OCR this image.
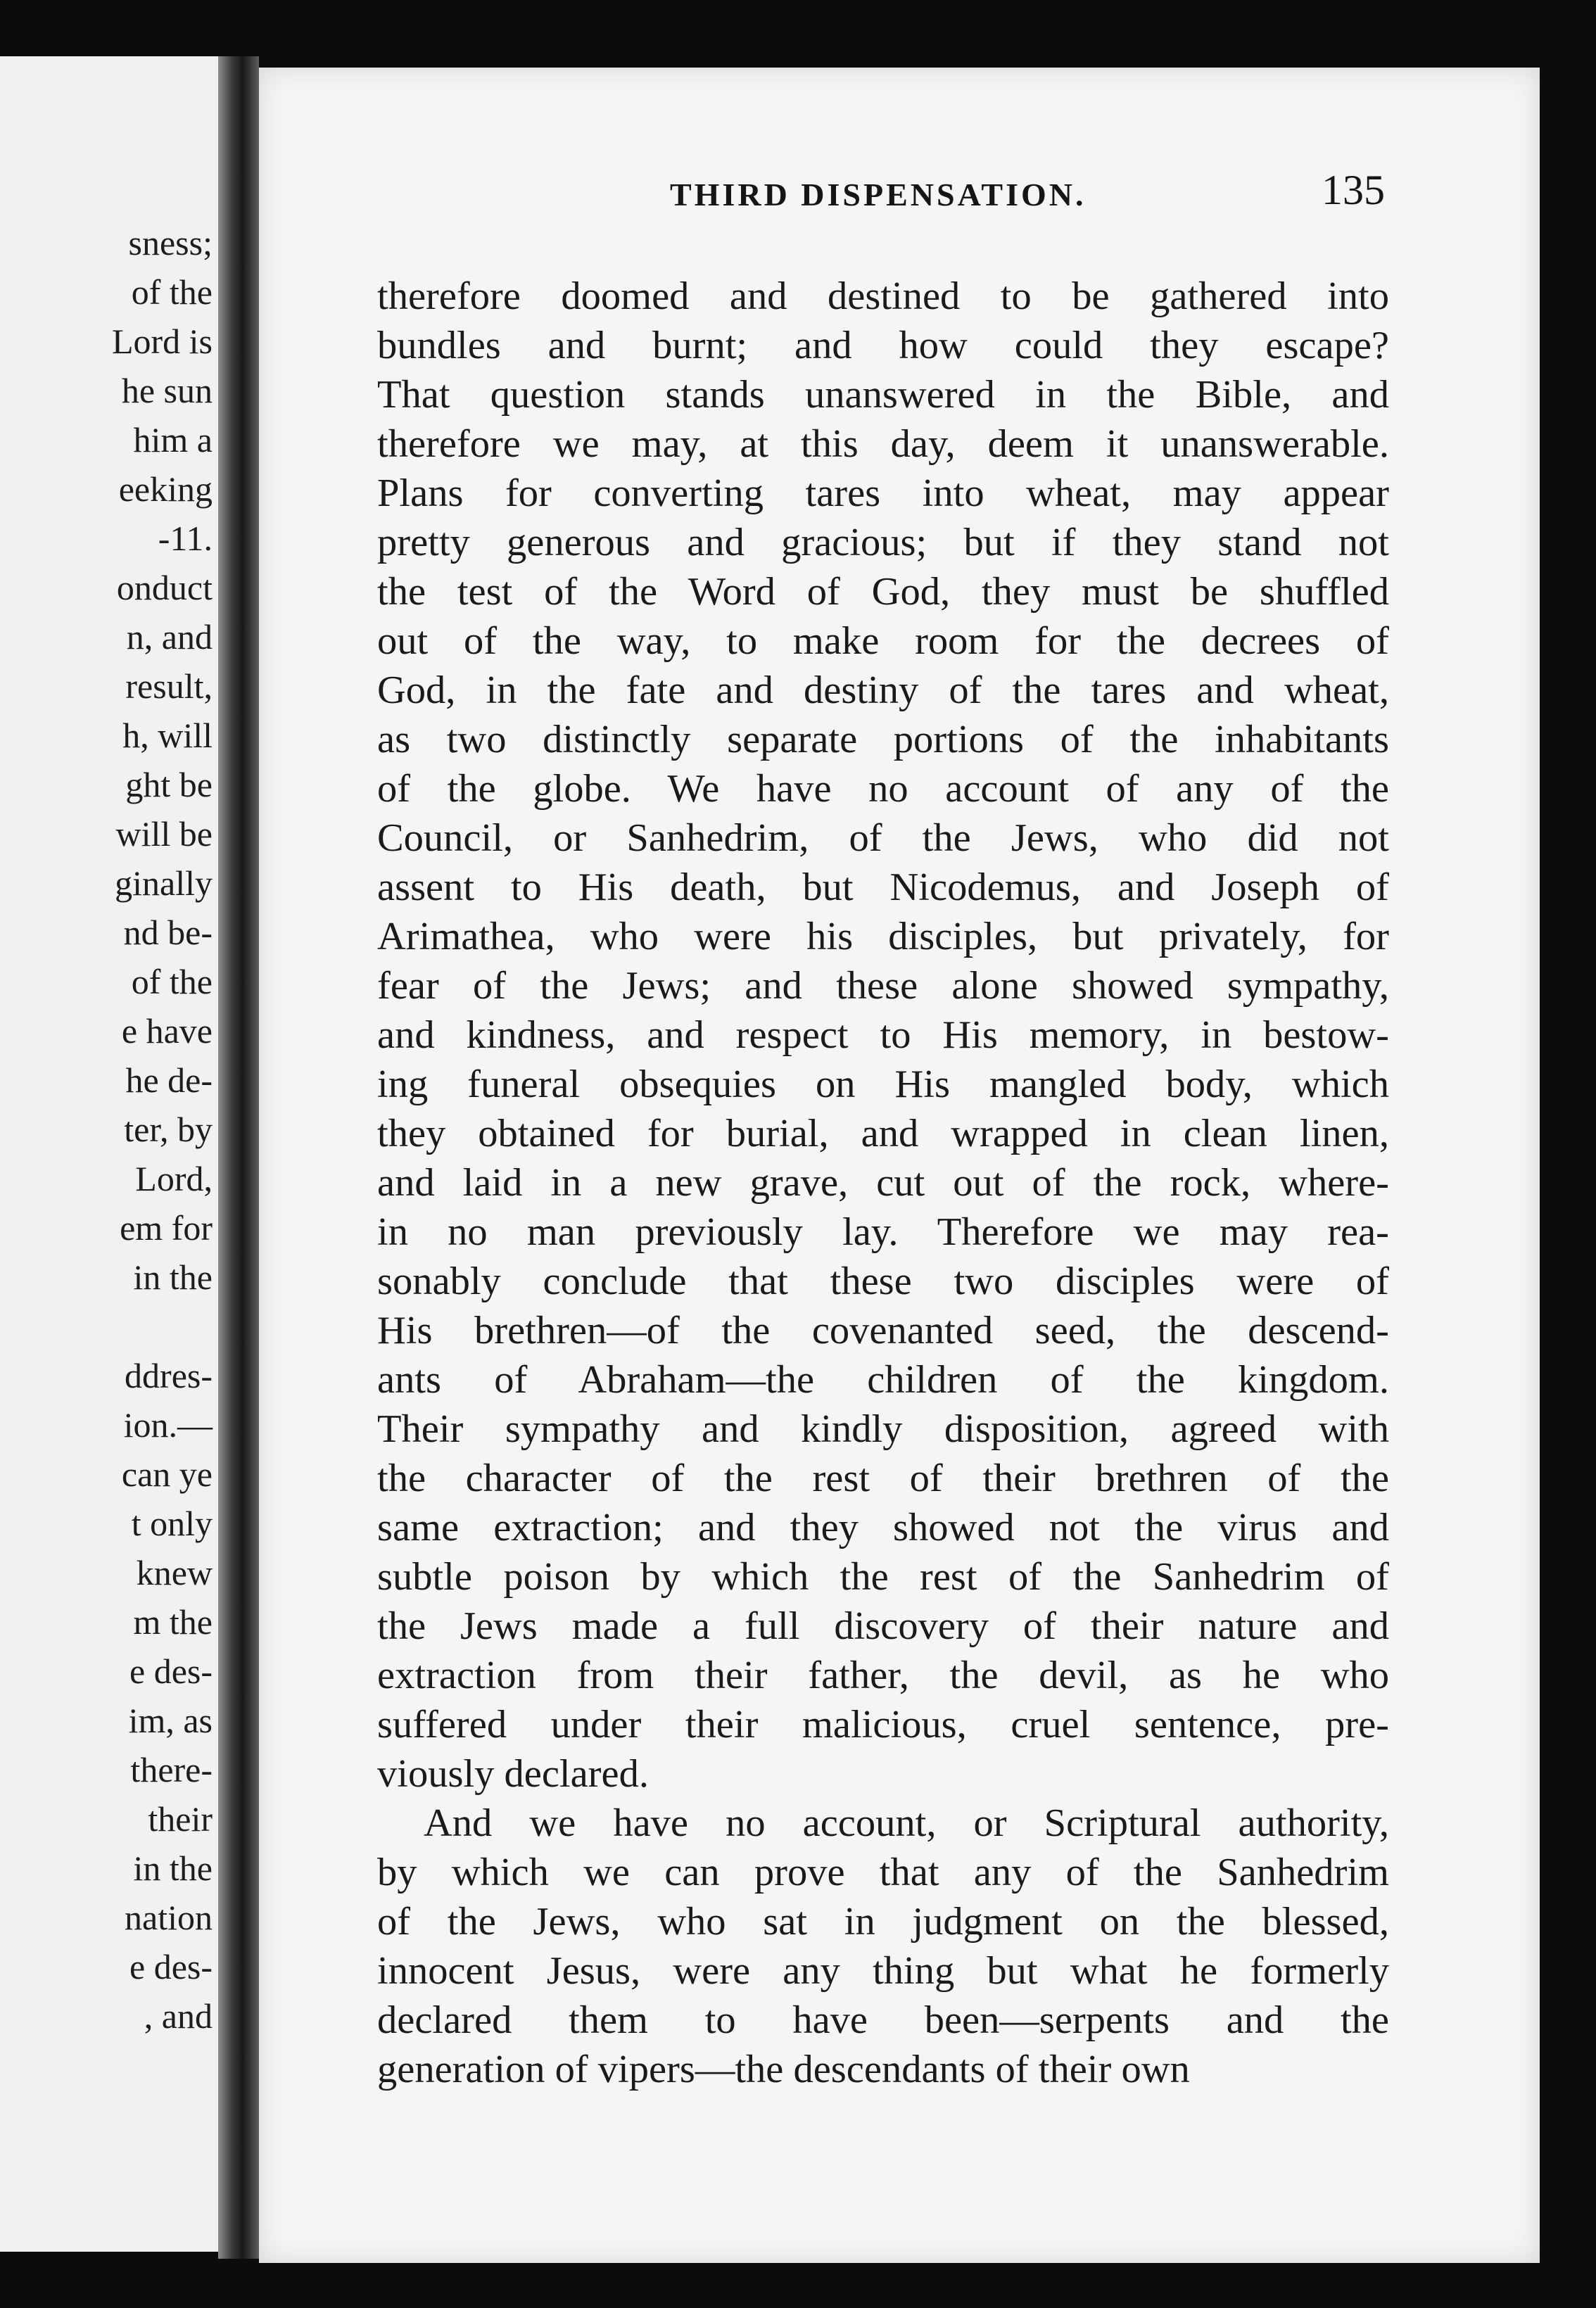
sness;
of the
Lord is
he sun
him a
eeking
-11.
onduct
n, and
result,
h, will
ght be
will be
ginally
nd be-
of the
e have
he de-
ter, by
Lord,
em for
in the
ddres-
ion.—
can ye
t only
knew
m the
e des-
im, as
there-
their
in the
nation
e des-
, and
THIRD DISPENSATION.	135
therefore doomed and destined to be gathered into
bundles and burnt; and how could they escape?
That question stands unanswered in the Bible, and
therefore we may, at this day, deem it unanswerable.
Plans for converting tares into wheat, may appear
pretty generous and gracious; but if they stand not
the test of the Word of God, they must be shuffled
out of the way, to make room for the decrees of
God, in the fate and destiny of the tares and wheat,
as two distinctly separate portions of the inhabitants
of the globe. We have no account of any of the
Council, or Sanhedrim, of the Jews, who did not
assent to His death, but Nicodemus, and Joseph of
Arimathea, who were his disciples, but privately, for
fear of the Jews; and these alone showed sympathy,
and kindness, and respect to His memory, in bestow-
ing funeral obsequies on His mangled body, which
they obtained for burial, and wrapped in clean linen,
and laid in a new grave, cut out of the rock, where-
in no man previously lay. Therefore we may rea-
sonably conclude that these two disciples were of
His brethren—of the covenanted seed, the descend-
ants of Abraham—the children of the kingdom.
Their sympathy and kindly disposition, agreed with
the character of the rest of their brethren of the
same extraction; and they showed not the virus and
subtle poison by which the rest of the Sanhedrim of
the Jews made a full discovery of their nature and
extraction from their father, the devil, as he who
suffered under their malicious, cruel sentence, pre-
viously declared.
And we have no account, or Scriptural authority,
by which we can prove that any of the Sanhedrim
of the Jews, who sat in judgment on the blessed,
innocent Jesus, were any thing but what he formerly
declared them to have been—serpents and the
generation of vipers—the descendants of their own
